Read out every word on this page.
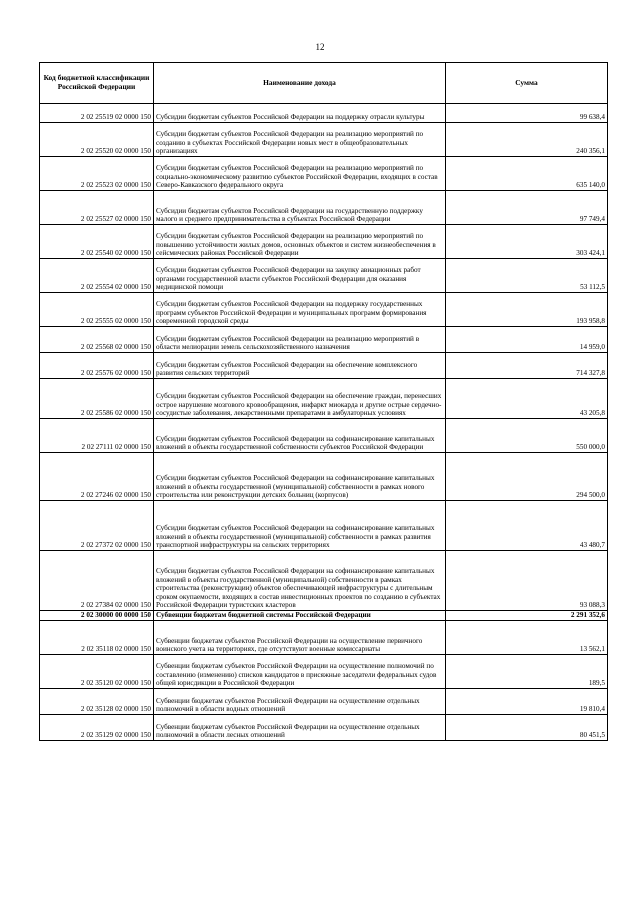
12
Код бюджетной классификации Российской Федерации	Наименование дохода	Сумма
2 02 25519 02 0000 150	Субсидии бюджетам субъектов Российской Федерации на поддержку отрасли культуры	99 638,4
2 02 25520 02 0000 150	Субсидии бюджетам субъектов Российской Федерации на реализацию мероприятий по созданию в субъектах Российской Федерации новых мест в общеобразовательных организациях	240 356,1
2 02 25523 02 0000 150	Субсидии бюджетам субъектов Российской Федерации на реализацию мероприятий по социально-экономическому развитию субъектов Российской Федерации, входящих в состав Северо-Кавказского федерального округа	635 140,0
2 02 25527 02 0000 150	Субсидии бюджетам субъектов Российской Федерации на государственную поддержку малого и среднего предпринимательства в субъектах Российской Федерации	97 749,4
2 02 25540 02 0000 150	Субсидии бюджетам субъектов Российской Федерации на реализацию мероприятий по повышению устойчивости жилых домов, основных объектов и систем жизнеобеспечения в сейсмических районах Российской Федерации	303 424,1
2 02 25554 02 0000 150	Субсидии бюджетам субъектов Российской Федерации на закупку авиационных работ органами государственной власти субъектов Российской Федерации для оказания медицинской помощи	53 112,5
2 02 25555 02 0000 150	Субсидии бюджетам субъектов Российской Федерации на поддержку государственных программ субъектов Российской Федерации и муниципальных программ формирования современной городской среды	193 958,8
2 02 25568 02 0000 150	Субсидии бюджетам субъектов Российской Федерации на реализацию мероприятий в области мелиорации земель сельскохозяйственного назначения	14 959,0
2 02 25576 02 0000 150	Субсидии бюджетам субъектов Российской Федерации на обеспечение комплексного развития сельских территорий	714 327,8
2 02 25586 02 0000 150	Субсидии бюджетам субъектов Российской Федерации на обеспечение граждан, перенесших острое нарушение мозгового кровообращения, инфаркт миокарда и другие острые сердечно-сосудистые заболевания, лекарственными препаратами в амбулаторных условиях	43 205,8
2 02 27111 02 0000 150	Субсидии бюджетам субъектов Российской Федерации на софинансирование капитальных вложений в объекты государственной собственности субъектов Российской Федерации	550 000,0
2 02 27246 02 0000 150	Субсидии бюджетам субъектов Российской Федерации на софинансирование капитальных вложений в объекты государственной (муниципальной) собственности в рамках нового строительства или реконструкции детских больниц (корпусов)	294 500,0
2 02 27372 02 0000 150	Субсидии бюджетам субъектов Российской Федерации на софинансирование капитальных вложений в объекты государственной (муниципальной) собственности в рамках развития транспортной инфраструктуры на сельских территориях	43 480,7
2 02 27384 02 0000 150	Субсидии бюджетам субъектов Российской Федерации на софинансирование капитальных вложений в объекты государственной (муниципальной) собственности в рамках строительства (реконструкции) объектов обеспечивающей инфраструктуры с длительным сроком окупаемости, входящих в состав инвестиционных проектов по созданию в субъектах Российской Федерации туристских кластеров	93 088,3
2 02 30000 00 0000 150	Субвенции бюджетам бюджетной системы Российской Федерации	2 291 352,6
2 02 35118 02 0000 150	Субвенции бюджетам субъектов Российской Федерации на осуществление первичного воинского учета на территориях, где отсутствуют военные комиссариаты	13 562,1
2 02 35120 02 0000 150	Субвенции бюджетам субъектов Российской Федерации на осуществление полномочий по составлению (изменению) списков кандидатов в присяжные заседатели федеральных судов общей юрисдикции в Российской Федерации	189,5
2 02 35128 02 0000 150	Субвенции бюджетам субъектов Российской Федерации на осуществление отдельных полномочий в области водных отношений	19 810,4
2 02 35129 02 0000 150	Субвенции бюджетам субъектов Российской Федерации на осуществление отдельных полномочий в области лесных отношений	80 451,5
